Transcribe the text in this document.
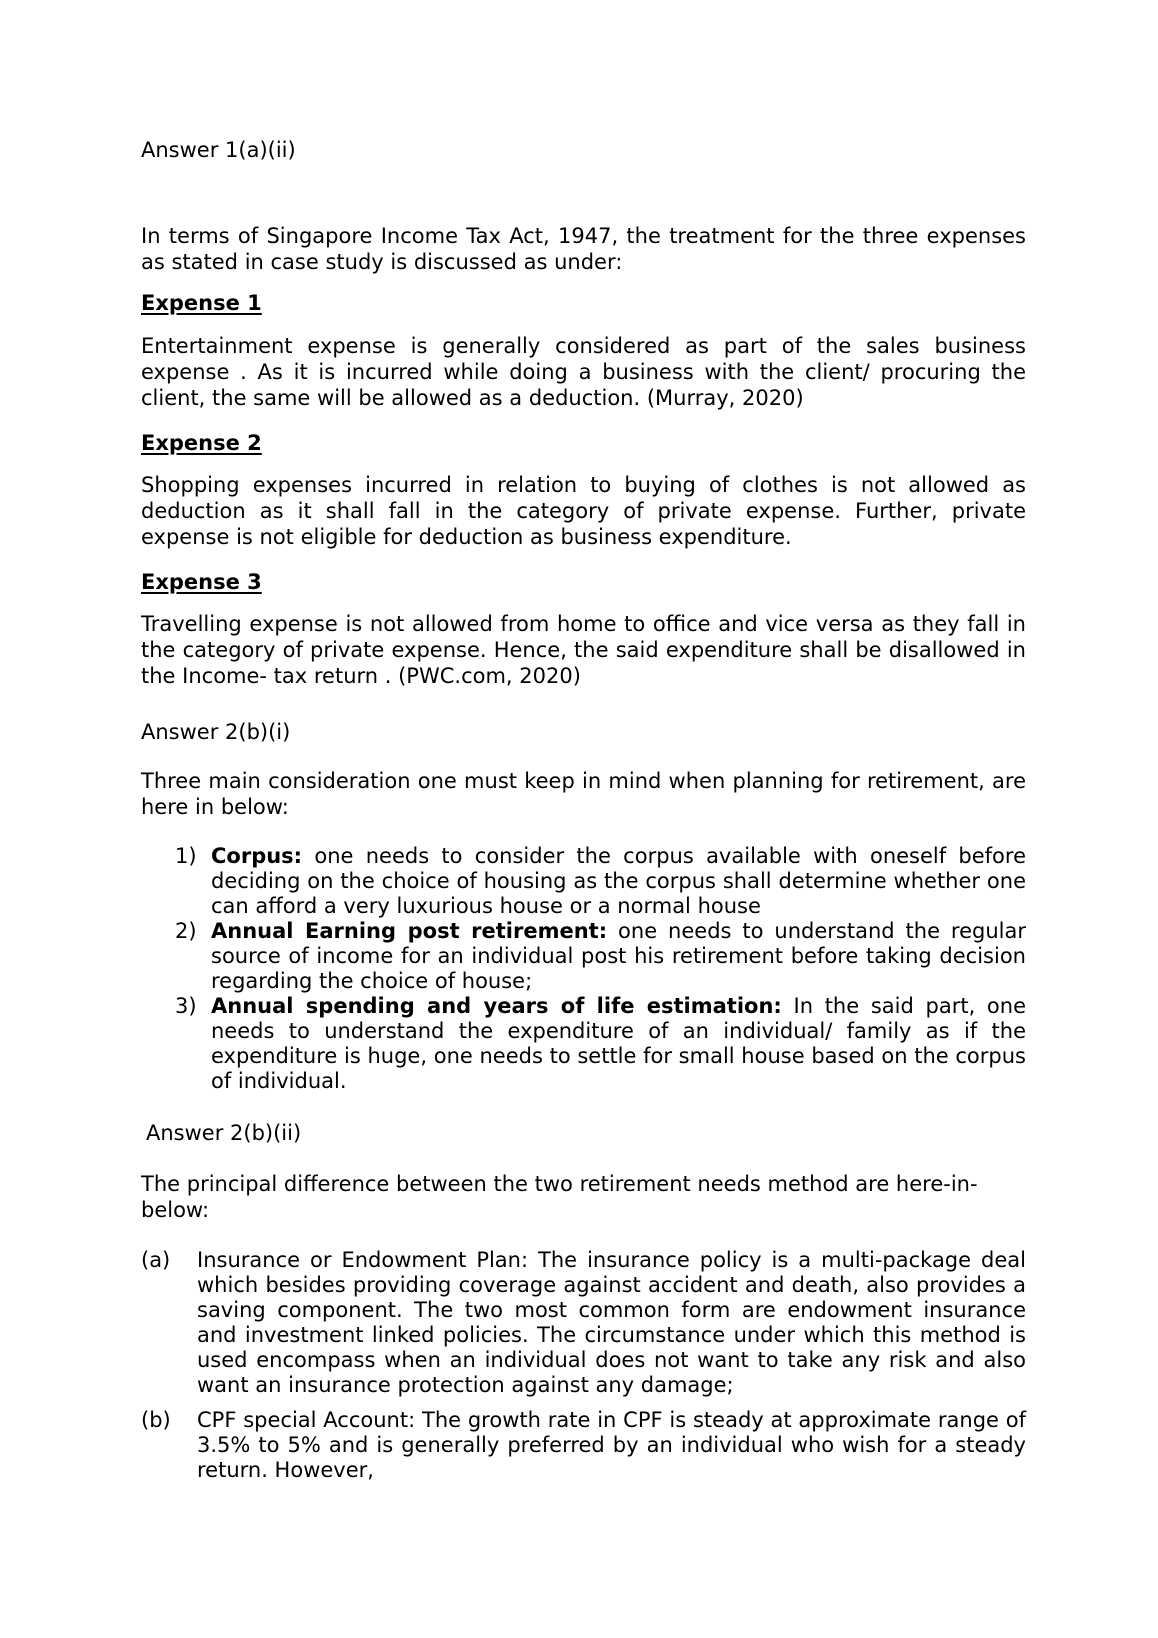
Answer 1(a)(ii)

In terms of Singapore Income Tax Act, 1947, the treatment for the three expenses as stated in case study is discussed as under:

Expense 1

Entertainment expense is generally considered as part of the sales business expense . As it is incurred while doing a business with the client/ procuring the client, the same will be allowed as a deduction. (Murray, 2020)

Expense 2

Shopping expenses incurred in relation to buying of clothes is not allowed as deduction as it shall fall in the category of private expense. Further, private expense is not eligible for deduction as business expenditure.

Expense 3

Travelling expense is not allowed from home to office and vice versa as they fall in the category of private expense. Hence, the said expenditure shall be disallowed in the Income- tax return . (PWC.com, 2020)

Answer 2(b)(i)

Three main consideration one must keep in mind when planning for retirement, are here in below:

1) Corpus: one needs to consider the corpus available with oneself before deciding on the choice of housing as the corpus shall determine whether one can afford a very luxurious house or a normal house
2) Annual Earning post retirement: one needs to understand the regular source of income for an individual post his retirement before taking decision regarding the choice of house;
3) Annual spending and years of life estimation: In the said part, one needs to understand the expenditure of an individual/ family as if the expenditure is huge, one needs to settle for small house based on the corpus of individual.

Answer 2(b)(ii)

The principal difference between the two retirement needs method are here-in-below:

(a) Insurance or Endowment Plan: The insurance policy is a multi-package deal which besides providing coverage against accident and death, also provides a saving component. The two most common form are endowment insurance and investment linked policies. The circumstance under which this method is used encompass when an individual does not want to take any risk and also want an insurance protection against any damage;
(b) CPF special Account: The growth rate in CPF is steady at approximate range of 3.5% to 5% and is generally preferred by an individual who wish for a steady return. However,
